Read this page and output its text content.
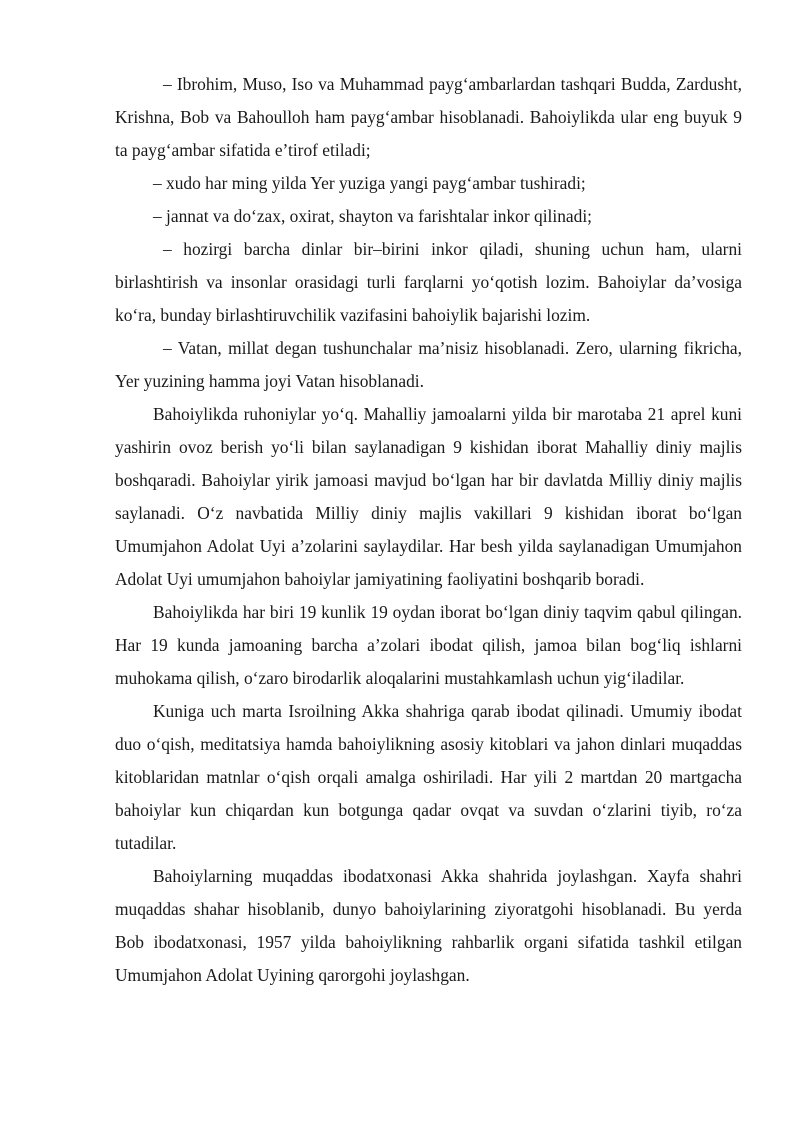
– Ibrohim, Muso, Iso va Muhammad payg‘ambarlardan tashqari Budda, Zardusht, Krishna, Bob va Bahoulloh ham payg‘ambar hisoblanadi. Bahoiylikda ular eng buyuk 9 ta payg‘ambar sifatida e’tirof etiladi;

– xudo har ming yilda Yer yuziga yangi payg‘ambar tushiradi;

– jannat va do‘zax, oxirat, shayton va farishtalar inkor qilinadi;

– hozirgi barcha dinlar bir–birini inkor qiladi, shuning uchun ham, ularni birlashtirish va insonlar orasidagi turli farqlarni yo‘qotish lozim. Bahoiylar da’vosiga ko‘ra, bunday birlashtiruvchilik vazifasini bahoiylik bajarishi lozim.

– Vatan, millat degan tushunchalar ma’nisiz hisoblanadi. Zero, ularning fikricha, Yer yuzining hamma joyi Vatan hisoblanadi.

Bahoiylikda ruhoniylar yo‘q. Mahalliy jamoalarni yilda bir marotaba 21 aprel kuni yashirin ovoz berish yo‘li bilan saylanadigan 9 kishidan iborat Mahalliy diniy majlis boshqaradi. Bahoiylar yirik jamoasi mavjud bo‘lgan har bir davlatda Milliy diniy majlis saylanadi. O‘z navbatida Milliy diniy majlis vakillari 9 kishidan iborat bo‘lgan Umumjahon Adolat Uyi a’zolarini saylaydilar. Har besh yilda saylanadigan Umumjahon Adolat Uyi umumjahon bahoiylar jamiyatining faoliyatini boshqarib boradi.

Bahoiylikda har biri 19 kunlik 19 oydan iborat bo‘lgan diniy taqvim qabul qilingan. Har 19 kunda jamoaning barcha a’zolari ibodat qilish, jamoa bilan bog‘liq ishlarni muhokama qilish, o‘zaro birodarlik aloqalarini mustahkamlash uchun yig‘iladilar.

Kuniga uch marta Isroilning Akka shahriga qarab ibodat qilinadi. Umumiy ibodat duo o‘qish, meditatsiya hamda bahoiylikning asosiy kitoblari va jahon dinlari muqaddas kitoblaridan matnlar o‘qish orqali amalga oshiriladi. Har yili 2 martdan 20 martgacha bahoiylar kun chiqardan kun botgunga qadar ovqat va suvdan o‘zlarini tiyib, ro‘za tutadilar.

Bahoiylarning muqaddas ibodatxonasi Akka shahrida joylashgan. Xayfa shahri muqaddas shahar hisoblanib, dunyo bahoiylarining ziyoratgohi hisoblanadi. Bu yerda Bob ibodatxonasi, 1957 yilda bahoiylikning rahbarlik organi sifatida tashkil etilgan Umumjahon Adolat Uyining qarorgohi joylashgan.
